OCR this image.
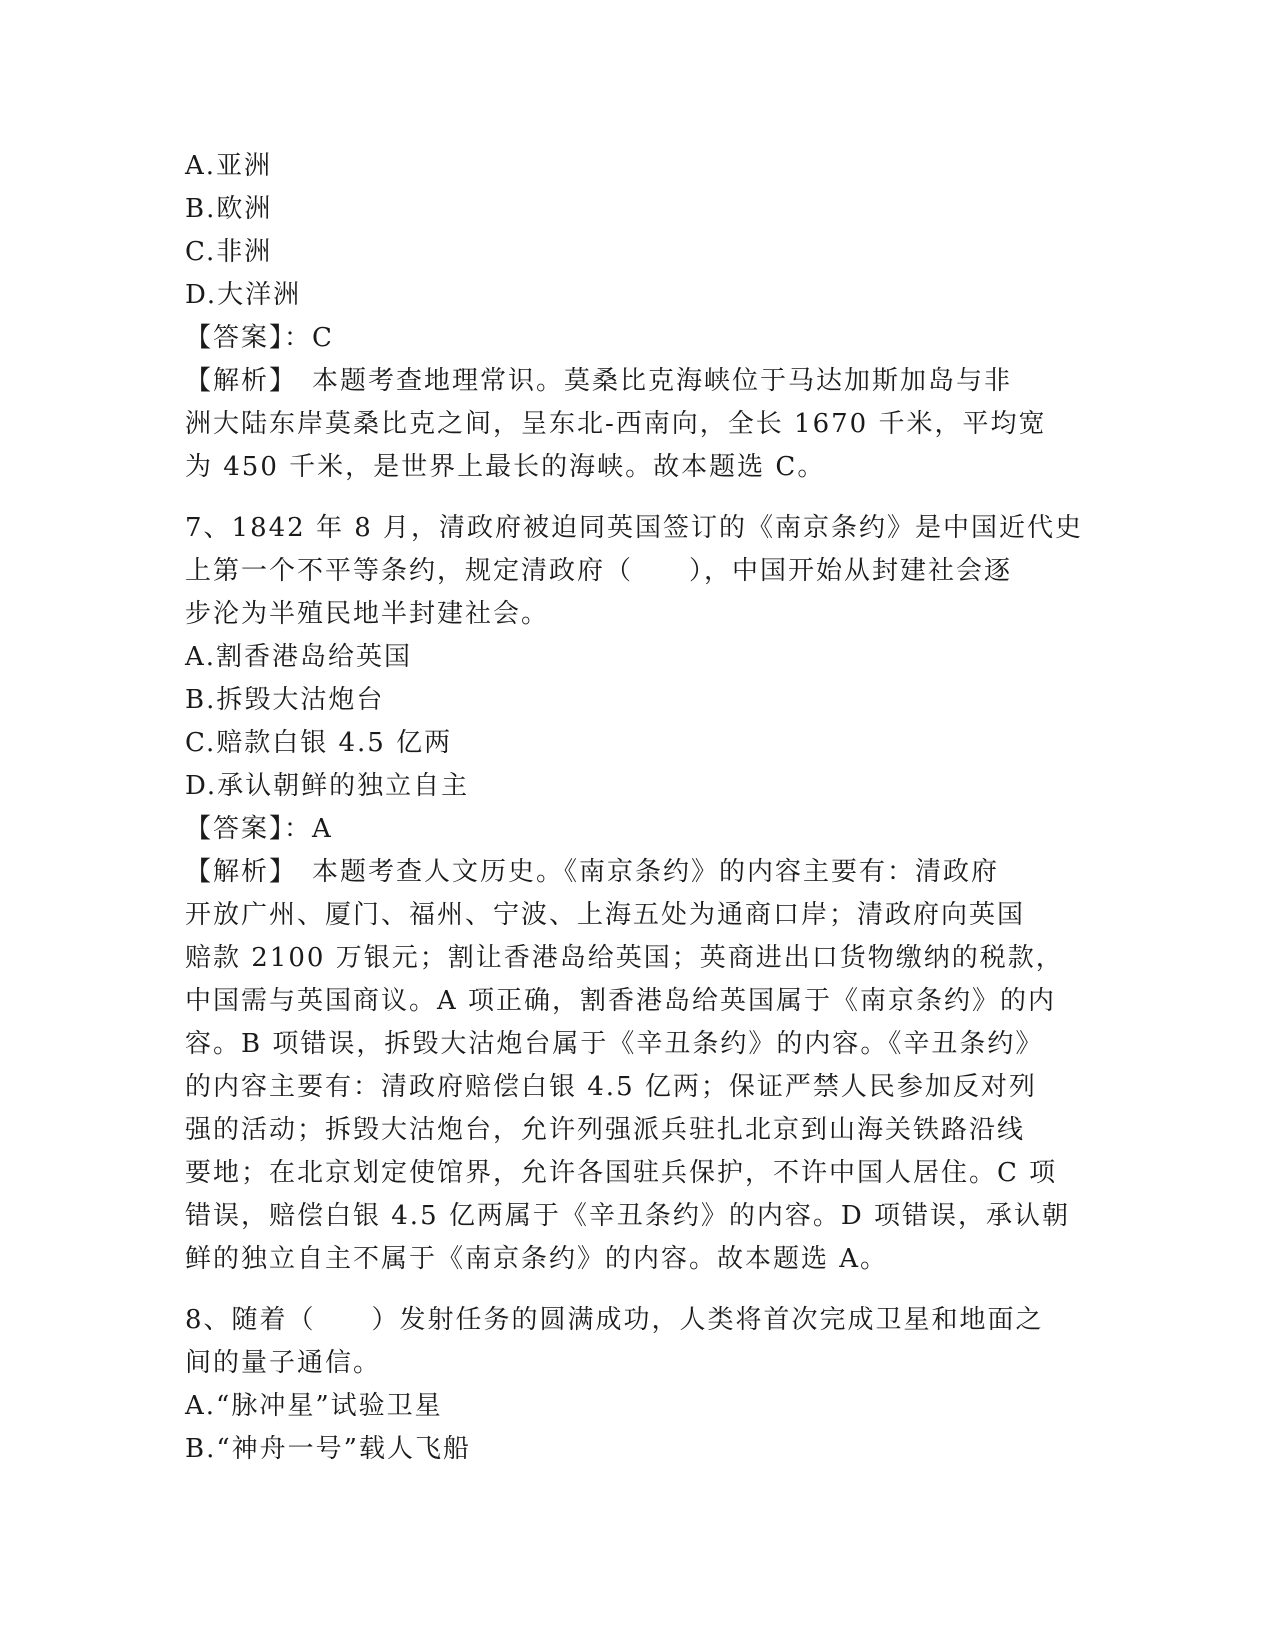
A.亚洲
B.欧洲
C.非洲
D.大洋洲
【答案】：C
【解析】　本题考查地理常识。莫桑比克海峡位于马达加斯加岛与非
洲大陆东岸莫桑比克之间，呈东北-西南向，全长 1670 千米，平均宽
为 450 千米，是世界上最长的海峡。故本题选 C。
7、1842 年 8 月，清政府被迫同英国签订的《南京条约》是中国近代史
上第一个不平等条约，规定清政府（　　），中国开始从封建社会逐
步沦为半殖民地半封建社会。
A.割香港岛给英国
B.拆毁大沽炮台
C.赔款白银 4.5 亿两
D.承认朝鲜的独立自主
【答案】：A
【解析】　本题考查人文历史。《南京条约》的内容主要有：清政府
开放广州、厦门、福州、宁波、上海五处为通商口岸；清政府向英国
赔款 2100 万银元；割让香港岛给英国；英商进出口货物缴纳的税款，
中国需与英国商议。A 项正确，割香港岛给英国属于《南京条约》的内
容。B 项错误，拆毁大沽炮台属于《辛丑条约》的内容。《辛丑条约》
的内容主要有：清政府赔偿白银 4.5 亿两；保证严禁人民参加反对列
强的活动；拆毁大沽炮台，允许列强派兵驻扎北京到山海关铁路沿线
要地；在北京划定使馆界，允许各国驻兵保护，不许中国人居住。C 项
错误，赔偿白银 4.5 亿两属于《辛丑条约》的内容。D 项错误，承认朝
鲜的独立自主不属于《南京条约》的内容。故本题选 A。
8、随着（　　）发射任务的圆满成功，人类将首次完成卫星和地面之
间的量子通信。
A.“脉冲星”试验卫星
B.“神舟一号”载人飞船
